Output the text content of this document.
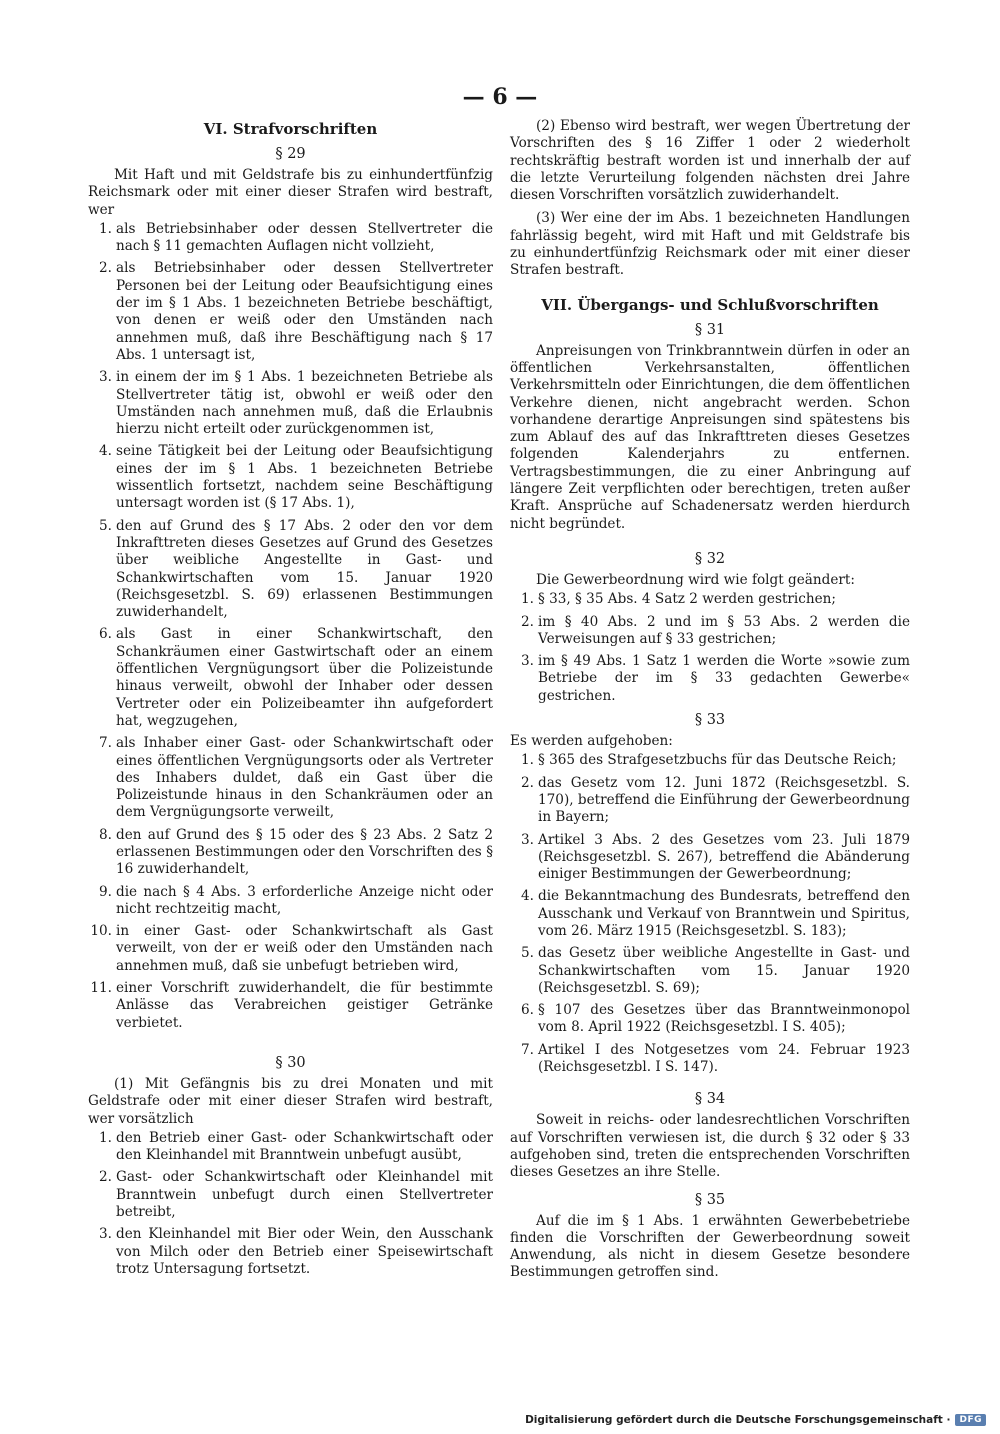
— 6 —
VI. Strafvorschriften
§ 29

Mit Haft und mit Geldstrafe bis zu einhundertfünfzig Reichsmark oder mit einer dieser Strafen wird bestraft, wer

1. als Betriebsinhaber oder dessen Stellvertreter die nach § 11 gemachten Auflagen nicht vollzieht,
2. als Betriebsinhaber oder dessen Stellvertreter Personen bei der Leitung oder Beaufsichtigung eines der im § 1 Abs. 1 bezeichneten Betriebe beschäftigt, von denen er weiß oder den Umständen nach annehmen muß, daß ihre Beschäftigung nach § 17 Abs. 1 untersagt ist,
3. in einem der im § 1 Abs. 1 bezeichneten Betriebe als Stellvertreter tätig ist, obwohl er weiß oder den Umständen nach annehmen muß, daß die Erlaubnis hierzu nicht erteilt oder zurückgenommen ist,
4. seine Tätigkeit bei der Leitung oder Beaufsichtigung eines der im § 1 Abs. 1 bezeichneten Betriebe wissentlich fortsetzt, nachdem seine Beschäftigung untersagt worden ist (§ 17 Abs. 1),
5. den auf Grund des § 17 Abs. 2 oder den vor dem Inkrafttreten dieses Gesetzes auf Grund des Gesetzes über weibliche Angestellte in Gast- und Schankwirtschaften vom 15. Januar 1920 (Reichsgesetzbl. S. 69) erlassenen Bestimmungen zuwiderhandelt,
6. als Gast in einer Schankwirtschaft, den Schankräumen einer Gastwirtschaft oder an einem öffentlichen Vergnügungsort über die Polizeistunde hinaus verweilt, obwohl der Inhaber oder dessen Vertreter oder ein Polizeibeamter ihn aufgefordert hat, wegzugehen,
7. als Inhaber einer Gast- oder Schankwirtschaft oder eines öffentlichen Vergnügungsorts oder als Vertreter des Inhabers duldet, daß ein Gast über die Polizeistunde hinaus in den Schankräumen oder an dem Vergnügungsorte verweilt,
8. den auf Grund des § 15 oder des § 23 Abs. 2 Satz 2 erlassenen Bestimmungen oder den Vorschriften des § 16 zuwiderhandelt,
9. die nach § 4 Abs. 3 erforderliche Anzeige nicht oder nicht rechtzeitig macht,
10. in einer Gast- oder Schankwirtschaft als Gast verweilt, von der er weiß oder den Umständen nach annehmen muß, daß sie unbefugt betrieben wird,
11. einer Vorschrift zuwiderhandelt, die für bestimmte Anlässe das Verabreichen geistiger Getränke verbietet.
§ 30

(1) Mit Gefängnis bis zu drei Monaten und mit Geldstrafe oder mit einer dieser Strafen wird bestraft, wer vorsätzlich

1. den Betrieb einer Gast- oder Schankwirtschaft oder den Kleinhandel mit Branntwein unbefugt ausübt,
2. Gast- oder Schankwirtschaft oder Kleinhandel mit Branntwein unbefugt durch einen Stellvertreter betreibt,
3. den Kleinhandel mit Bier oder Wein, den Ausschank von Milch oder den Betrieb einer Speisewirtschaft trotz Untersagung fortsetzt.

(2) Ebenso wird bestraft, wer wegen Übertretung der Vorschriften des § 16 Ziffer 1 oder 2 wiederholt rechtskräftig bestraft worden ist und innerhalb der auf die letzte Verurteilung folgenden nächsten drei Jahre diesen Vorschriften vorsätzlich zuwiderhandelt.

(3) Wer eine der im Abs. 1 bezeichneten Handlungen fahrlässig begeht, wird mit Haft und mit Geldstrafe bis zu einhundertfünfzig Reichsmark oder mit einer dieser Strafen bestraft.

VII. Übergangs- und Schlußvorschriften
§ 31

Anpreisungen von Trinkbranntwein dürfen in oder an öffentlichen Verkehrsanstalten, öffentlichen Verkehrsmitteln oder Einrichtungen, die dem öffentlichen Verkehre dienen, nicht angebracht werden. Schon vorhandene derartige Anpreisungen sind spätestens bis zum Ablauf des auf das Inkrafttreten dieses Gesetzes folgenden Kalenderjahrs zu entfernen. Vertragsbestimmungen, die zu einer Anbringung auf längere Zeit verpflichten oder berechtigen, treten außer Kraft. Ansprüche auf Schadenersatz werden hierdurch nicht begründet.

§ 32

Die Gewerbeordnung wird wie folgt geändert:

1. § 33, § 35 Abs. 4 Satz 2 werden gestrichen;
2. im § 40 Abs. 2 und im § 53 Abs. 2 werden die Verweisungen auf § 33 gestrichen;
3. im § 49 Abs. 1 Satz 1 werden die Worte »sowie zum Betriebe der im § 33 gedachten Gewerbe« gestrichen.
§ 33

Es werden aufgehoben:

1. § 365 des Strafgesetzbuchs für das Deutsche Reich;
2. das Gesetz vom 12. Juni 1872 (Reichsgesetzbl. S. 170), betreffend die Einführung der Gewerbeordnung in Bayern;
3. Artikel 3 Abs. 2 des Gesetzes vom 23. Juli 1879 (Reichsgesetzbl. S. 267), betreffend die Abänderung einiger Bestimmungen der Gewerbeordnung;
4. die Bekanntmachung des Bundesrats, betreffend den Ausschank und Verkauf von Branntwein und Spiritus, vom 26. März 1915 (Reichsgesetzbl. S. 183);
5. das Gesetz über weibliche Angestellte in Gast- und Schankwirtschaften vom 15. Januar 1920 (Reichsgesetzbl. S. 69);
6. § 107 des Gesetzes über das Branntweinmonopol vom 8. April 1922 (Reichsgesetzbl. I S. 405);
7. Artikel I des Notgesetzes vom 24. Februar 1923 (Reichsgesetzbl. I S. 147).
§ 34

Soweit in reichs- oder landesrechtlichen Vorschriften auf Vorschriften verwiesen ist, die durch § 32 oder § 33 aufgehoben sind, treten die entsprechenden Vorschriften dieses Gesetzes an ihre Stelle.

§ 35

Auf die im § 1 Abs. 1 erwähnten Gewerbebetriebe finden die Vorschriften der Gewerbeordnung soweit Anwendung, als nicht in diesem Gesetze besondere Bestimmungen getroffen sind.

Digitalisierung gefördert durch die Deutsche Forschungsgemeinschaft ·	DFG
